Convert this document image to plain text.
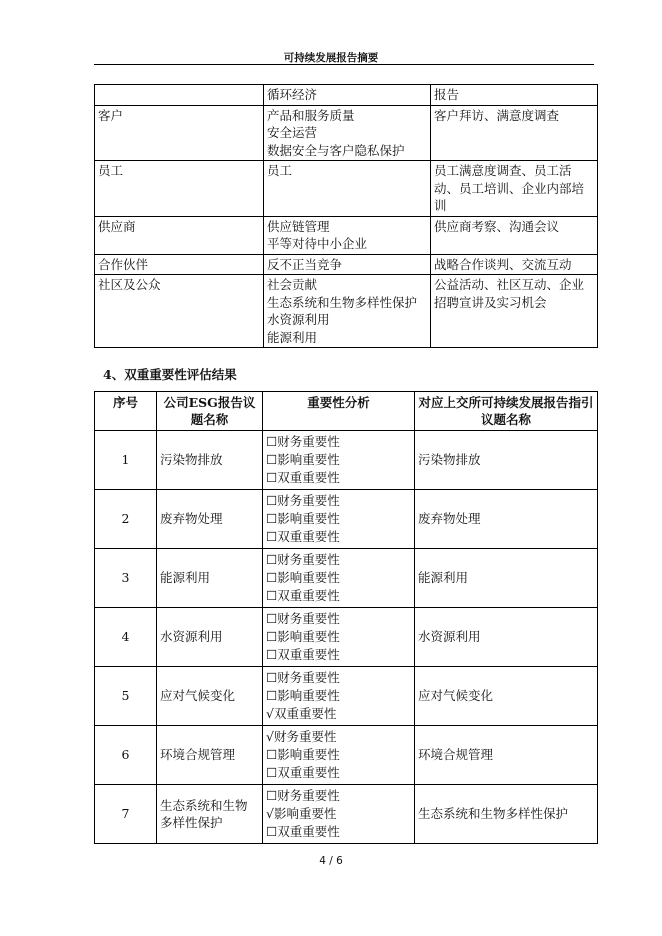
可持续发展报告摘要
	循环经济	报告
客户	产品和服务质量
安全运营
数据安全与客户隐私保护	客户拜访、满意度调查
员工	员工	员工满意度调查、员工活动、员工培训、企业内部培训
供应商	供应链管理
平等对待中小企业	供应商考察、沟通会议
合作伙伴	反不正当竞争	战略合作谈判、交流互动
社区及公众	社会贡献
生态系统和生物多样性保护
水资源利用
能源利用	公益活动、社区互动、企业招聘宣讲及实习机会
4、双重重要性评估结果
序号	公司ESG报告议题名称	重要性分析	对应上交所可持续发展报告指引议题名称
1	污染物排放	☐财务重要性
☐影响重要性
☐双重重要性	污染物排放
2	废弃物处理	☐财务重要性
☐影响重要性
☐双重重要性	废弃物处理
3	能源利用	☐财务重要性
☐影响重要性
☐双重重要性	能源利用
4	水资源利用	☐财务重要性
☐影响重要性
☐双重重要性	水资源利用
5	应对气候变化	☐财务重要性
☐影响重要性
√双重重要性	应对气候变化
6	环境合规管理	√财务重要性
☐影响重要性
☐双重重要性	环境合规管理
7	生态系统和生物多样性保护	☐财务重要性
√影响重要性
☐双重重要性	生态系统和生物多样性保护
4 / 6
